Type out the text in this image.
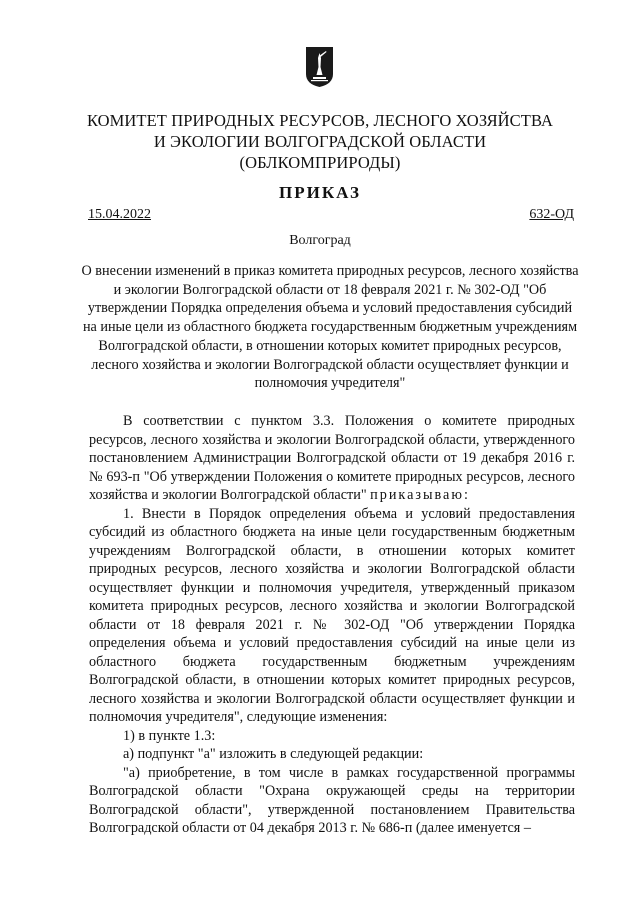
КОМИТЕТ ПРИРОДНЫХ РЕСУРСОВ, ЛЕСНОГО ХОЗЯЙСТВА
И ЭКОЛОГИИ ВОЛГОГРАДСКОЙ ОБЛАСТИ
(ОБЛКОМПРИРОДЫ)
ПРИКАЗ
15.04.2022	632-ОД
Волгоград
О внесении изменений в приказ комитета природных ресурсов, лесного хозяйства и экологии Волгоградской области от 18 февраля 2021 г. № 302-ОД "Об утверждении Порядка определения объема и условий предоставления субсидий на иные цели из областного бюджета государственным бюджетным учреждениям Волгоградской области, в отношении которых комитет природных ресурсов, лесного хозяйства и экологии Волгоградской области осуществляет функции и полномочия учредителя"

В соответствии с пунктом 3.3. Положения о комитете природных ресурсов, лесного хозяйства и экологии Волгоградской области, утвержденного постановлением Администрации Волгоградской области от 19 декабря 2016 г. № 693-п "Об утверждении Положения о комитете природных ресурсов, лесного хозяйства и экологии Волгоградской области" приказываю:

1. Внести в Порядок определения объема и условий предоставления субсидий из областного бюджета на иные цели государственным бюджетным учреждениям Волгоградской области, в отношении которых комитет природных ресурсов, лесного хозяйства и экологии Волгоградской области осуществляет функции и полномочия учредителя, утвержденный приказом комитета природных ресурсов, лесного хозяйства и экологии Волгоградской области от 18 февраля 2021 г. № 302-ОД "Об утверждении Порядка определения объема и условий предоставления субсидий на иные цели из областного бюджета государственным бюджетным учреждениям Волгоградской области, в отношении которых комитет природных ресурсов, лесного хозяйства и экологии Волгоградской области осуществляет функции и полномочия учредителя", следующие изменения:

1) в пункте 1.3:

а) подпункт "а" изложить в следующей редакции:

"а) приобретение, в том числе в рамках государственной программы Волгоградской области "Охрана окружающей среды на территории Волгоградской области", утвержденной постановлением Правительства Волгоградской области от 04 декабря 2013 г. № 686-п (далее именуется –
